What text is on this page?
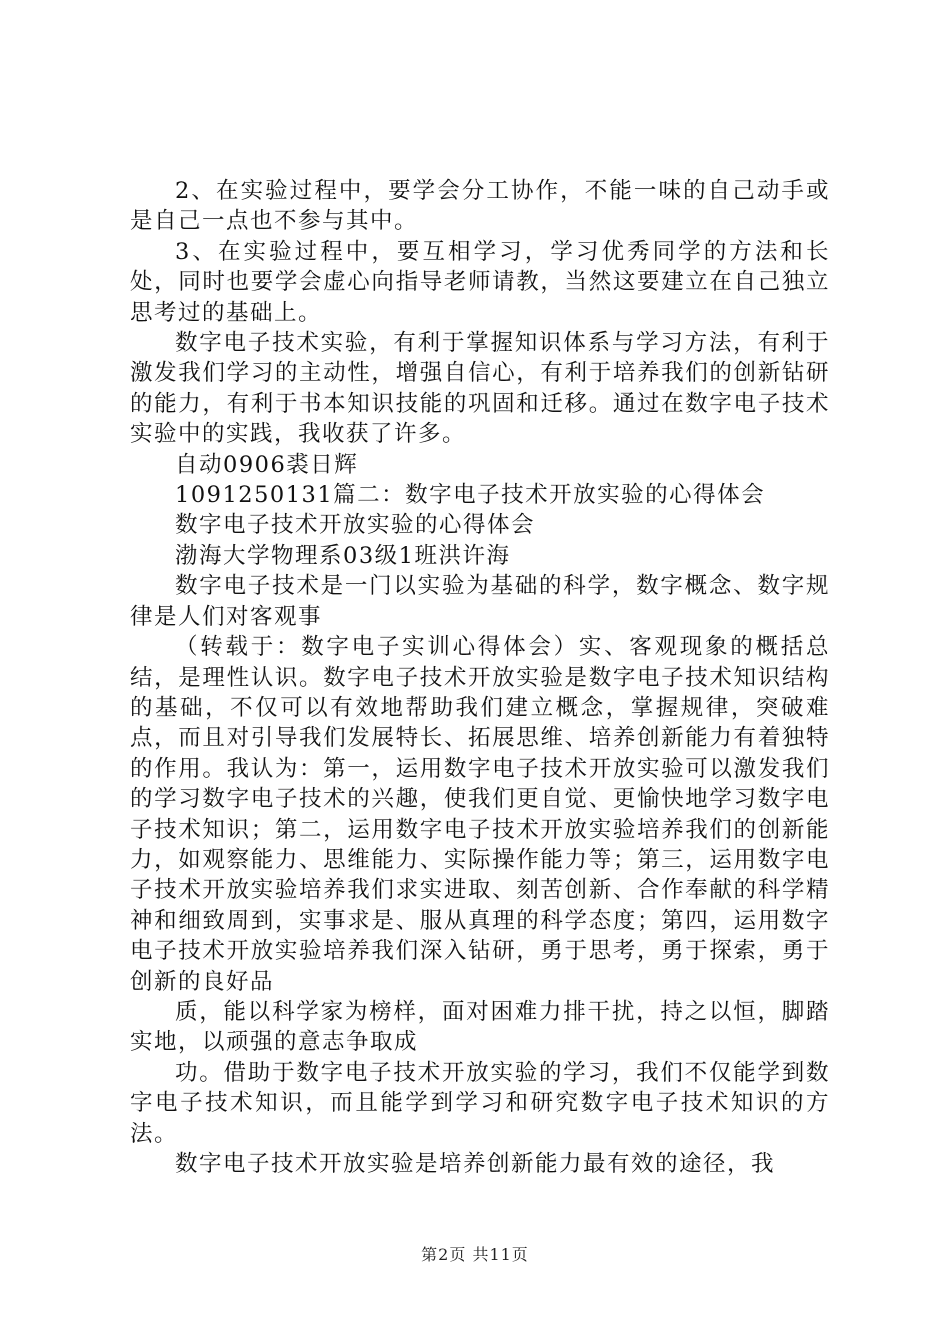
2、在实验过程中，要学会分工协作，不能一味的自己动手或是自己一点也不参与其中。

3、在实验过程中，要互相学习，学习优秀同学的方法和长处，同时也要学会虚心向指导老师请教，当然这要建立在自己独立思考过的基础上。

数字电子技术实验，有利于掌握知识体系与学习方法，有利于激发我们学习的主动性，增强自信心，有利于培养我们的创新钻研的能力，有利于书本知识技能的巩固和迁移。通过在数字电子技术实验中的实践，我收获了许多。

自动0906裘日辉

1091250131篇二：数字电子技术开放实验的心得体会

数字电子技术开放实验的心得体会

渤海大学物理系03级1班洪许海

数字电子技术是一门以实验为基础的科学，数字概念、数字规律是人们对客观事

（转载于：数字电子实训心得体会）实、客观现象的概括总结，是理性认识。数字电子技术开放实验是数字电子技术知识结构的基础，不仅可以有效地帮助我们建立概念，掌握规律，突破难点，而且对引导我们发展特长、拓展思维、培养创新能力有着独特的作用。我认为：第一，运用数字电子技术开放实验可以激发我们的学习数字电子技术的兴趣，使我们更自觉、更愉快地学习数字电子技术知识；第二，运用数字电子技术开放实验培养我们的创新能力，如观察能力、思维能力、实际操作能力等；第三，运用数字电子技术开放实验培养我们求实进取、刻苦创新、合作奉献的科学精神和细致周到，实事求是、服从真理的科学态度；第四，运用数字电子技术开放实验培养我们深入钻研，勇于思考，勇于探索，勇于创新的良好品

质，能以科学家为榜样，面对困难力排干扰，持之以恒，脚踏实地，以顽强的意志争取成

功。借助于数字电子技术开放实验的学习，我们不仅能学到数字电子技术知识，而且能学到学习和研究数字电子技术知识的方法。

数字电子技术开放实验是培养创新能力最有效的途径，我

第2页 共11页
